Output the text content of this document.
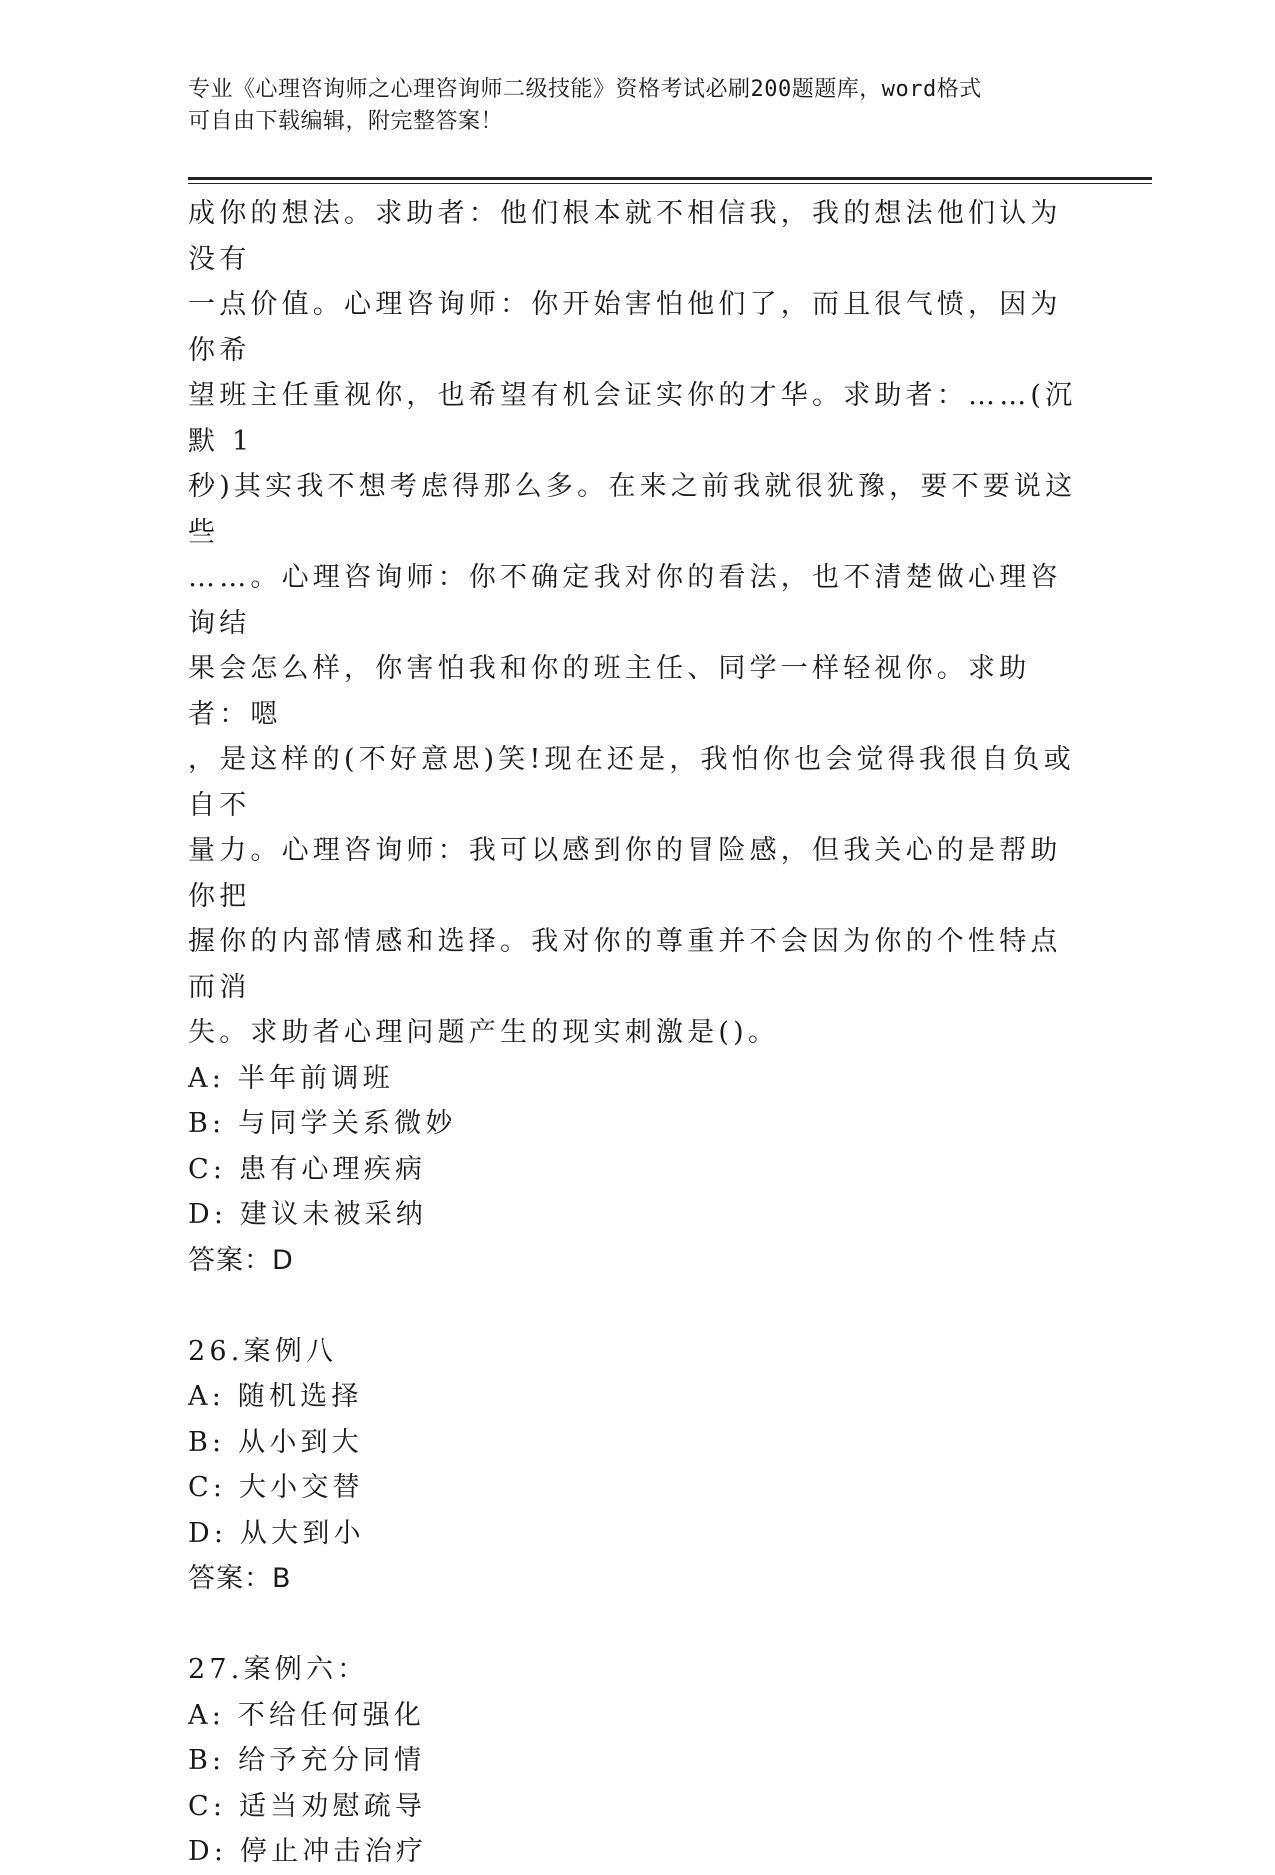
专业《心理咨询师之心理咨询师二级技能》资格考试必刷200题题库，word格式
可自由下载编辑，附完整答案！
成你的想法。求助者：他们根本就不相信我，我的想法他们认为没有
一点价值。心理咨询师：你开始害怕他们了，而且很气愤，因为你希
望班主任重视你，也希望有机会证实你的才华。求助者：……(沉默 1
秒)其实我不想考虑得那么多。在来之前我就很犹豫，要不要说这些
……。心理咨询师：你不确定我对你的看法，也不清楚做心理咨询结
果会怎么样，你害怕我和你的班主任、同学一样轻视你。求助者：嗯
，是这样的(不好意思)笑!现在还是，我怕你也会觉得我很自负或自不
量力。心理咨询师：我可以感到你的冒险感，但我关心的是帮助你把
握你的内部情感和选择。我对你的尊重并不会因为你的个性特点而消
失。求助者心理问题产生的现实刺激是()。
A: 半年前调班
B: 与同学关系微妙
C: 患有心理疾病
D: 建议未被采纳
答案：D
26.案例八
A: 随机选择
B: 从小到大
C: 大小交替
D: 从大到小
答案：B
27.案例六：
A: 不给任何强化
B: 给予充分同情
C: 适当劝慰疏导
D: 停止冲击治疗
